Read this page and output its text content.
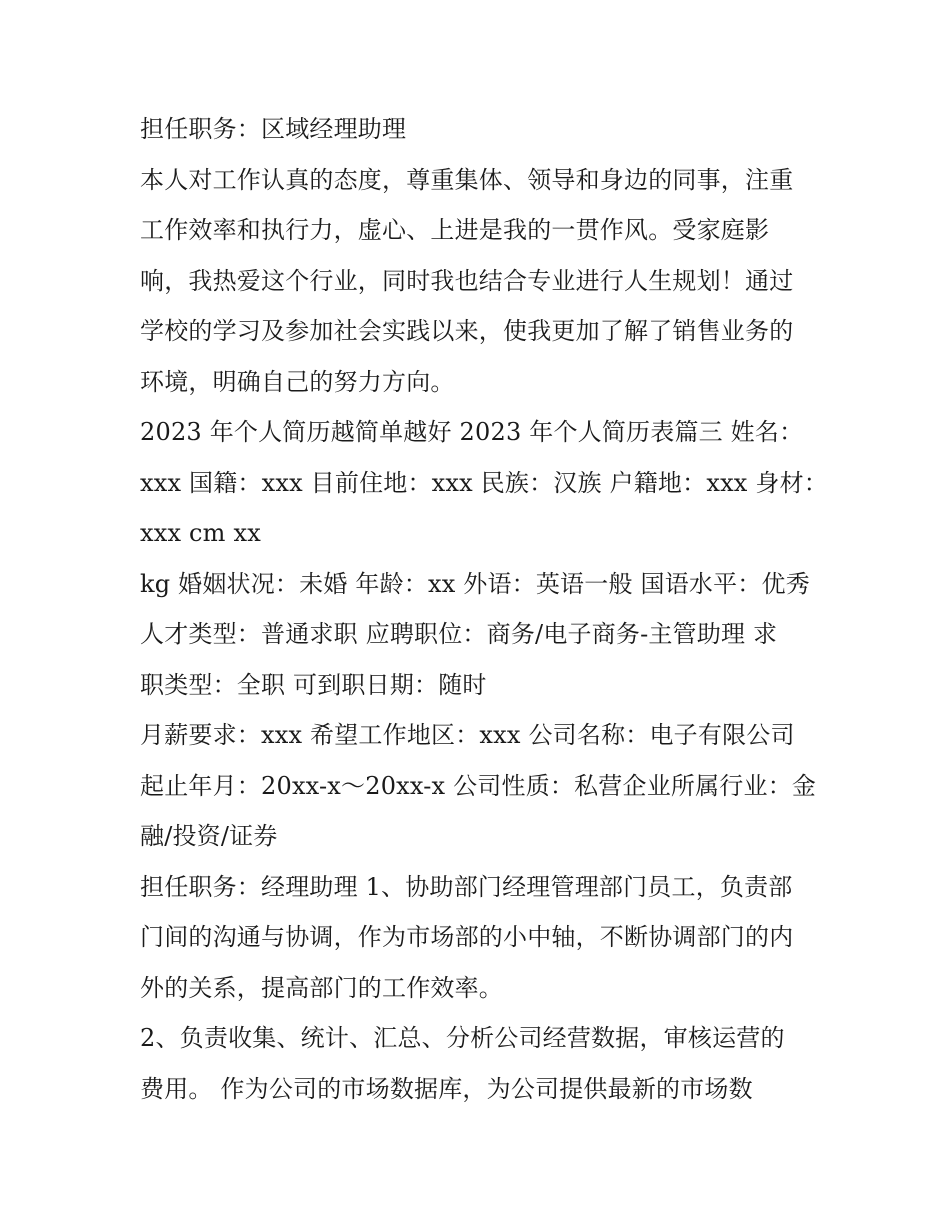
担任职务：区域经理助理
本人对工作认真的态度，尊重集体、领导和身边的同事，注重
工作效率和执行力，虚心、上进是我的一贯作风。受家庭影
响，我热爱这个行业，同时我也结合专业进行人生规划！通过
学校的学习及参加社会实践以来，使我更加了解了销售业务的
环境，明确自己的努力方向。
2023 年个人简历越简单越好 2023 年个人简历表篇三 姓名：
xxx 国籍：xxx 目前住地：xxx 民族：汉族 户籍地：xxx 身材：
xxx cm xx
kg 婚姻状况：未婚 年龄：xx 外语：英语一般 国语水平：优秀
人才类型：普通求职 应聘职位：商务/电子商务-主管助理 求
职类型：全职 可到职日期：随时
月薪要求：xxx 希望工作地区：xxx 公司名称：电子有限公司
起止年月：20xx-x～20xx-x 公司性质：私营企业所属行业：金
融/投资/证券
担任职务：经理助理 1、协助部门经理管理部门员工，负责部
门间的沟通与协调，作为市场部的小中轴，不断协调部门的内
外的关系，提高部门的工作效率。
2、负责收集、统计、汇总、分析公司经营数据，审核运营的
费用。 作为公司的市场数据库，为公司提供最新的市场数
